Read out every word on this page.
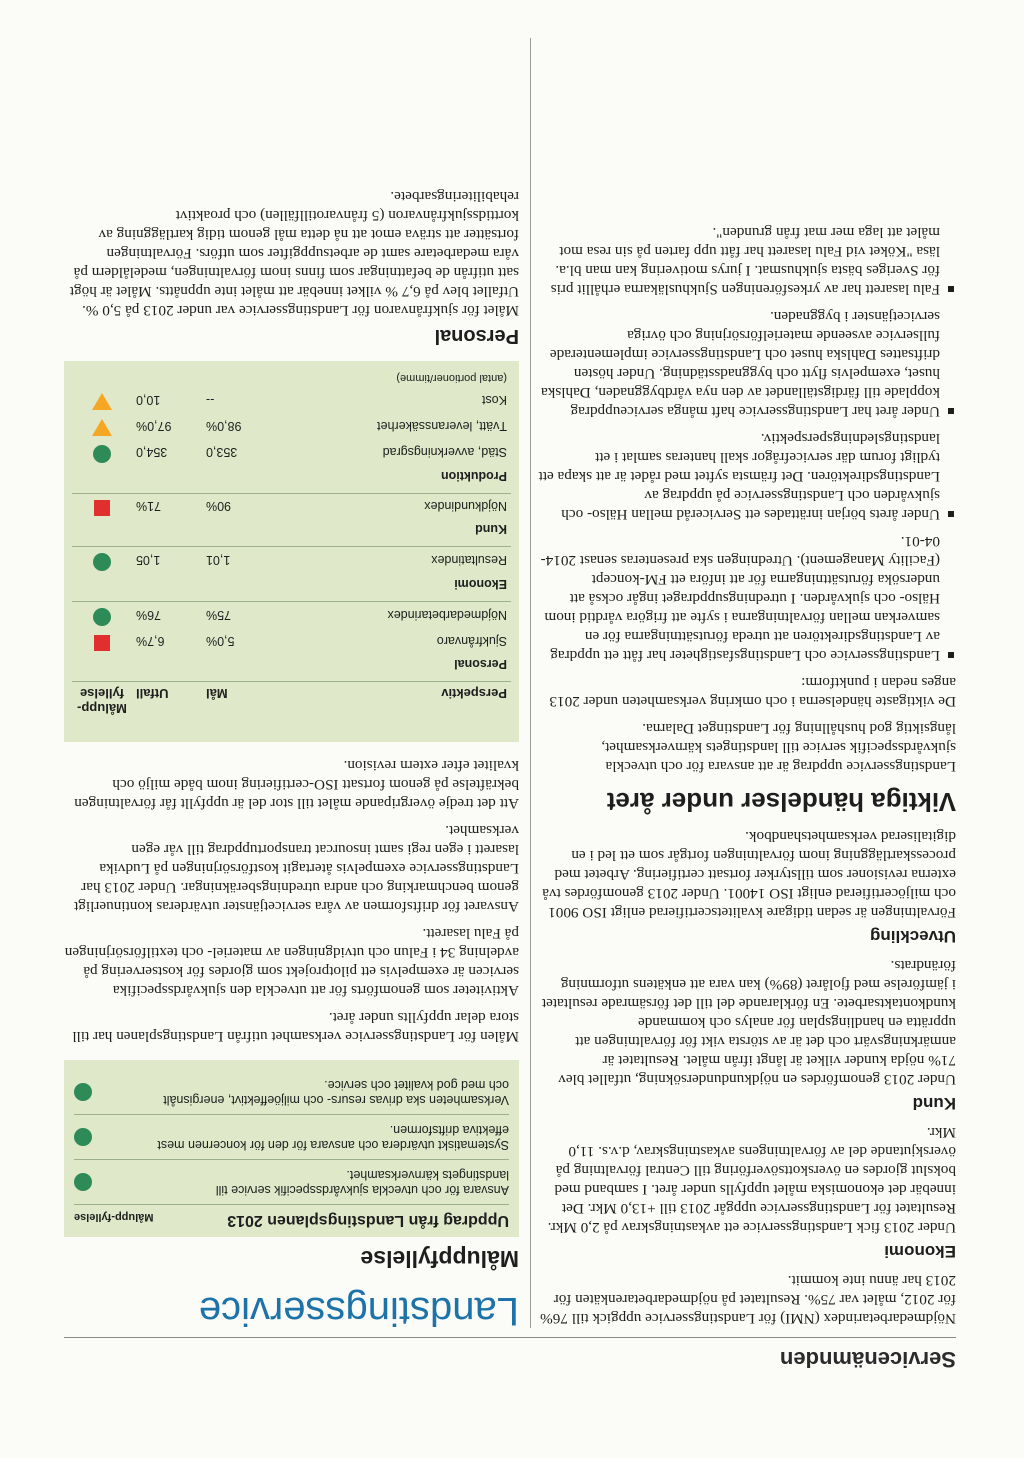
Servicenämnden
Landstingsservice Nöjdmedarbetarindex (NMI) för Landstingsservice uppgick till 76% för 2012, målet var 75%. Resultatet på nöjdmedarbetarenkäten för 2013 har ännu inte kommit.

Ekonomi

Under 2013 fick Landstingsservice ett avkastningskrav på 2,0 Mkr. Resultatet för Landstingsservice uppgår 2013 till +13,0 Mkr. Det innebär det ekonomiska målet uppfylls under året. I samband med bokslut gjordes en överskottsöverföring till Central förvaltning på överskjutande del av förvaltningens avkastningskrav, d.v.s. 11,0 Mkr.

Kund

Under 2013 genomfördes en nöjdkundundersökning, utfallet blev 71% nöjda kunder vilket är långt ifrån målet. Resultatet är anmärkningsvärt och det är av största vikt för förvaltningen att upprätta en handlingsplan för analys och kommande kundkontaktsarbete. En förklarande del till det försämrade resultatet i jämförelse med fjolåret (89%) kan vara att enkätens utformning förändrats.

Utveckling

Förvaltningen är sedan tidigare kvalitetscertifierad enligt ISO 9001 och miljöcertifierad enligt ISO 14001. Under 2013 genomfördes två externa revisioner som tillstyrker fortsatt certifiering. Arbetet med processkartläggning inom förvaltningen fortgår som ett led i en digitaliserad verksamhetshandbok.

Viktiga händelser under året

Landstingsservice uppdrag är att ansvara för och utveckla sjukvårdsspecifik service till landstingets kärnverksamhet, långsiktig god hushållning för Landstinget Dalarna.

De viktigaste händelserna i och omkring verksamheten under 2013 anges nedan i punktform:

Landstingsservice och Landstingsfastigheter har fått ett uppdrag av Landstingsdirektören att utreda förutsättningarna för en samverkan mellan förvaltningarna i syfte att frigöra vårdtid inom Hälso- och sjukvården. I utredningsuppdraget ingår också att undersöka förutsättningarna för att införa ett FM-koncept (Facility Management). Utredningen ska presenteras senast 2014-04-01.
Under årets början inrättades ett Serviceråd mellan Hälso- och sjukvården och Landstingsservice på uppdrag av Landstingsdirektören. Det främsta syftet med rådet är att skapa ett tydligt forum där servicefrågor skall hanteras samlat i ett landstingsledningsperspektiv.
Under året har Landstingsservice haft många serviceuppdrag kopplade till färdigställandet av den nya vårdbyggnaden, Dahlska huset, exempelvis flytt och byggnadsstädning. Under hösten driftsattes Dahlska huset och Landstingsservice implementerade fullservice avseende materielförsörjning och övriga servicetjänster i byggnaden.
Falu lasarett har av yrkesföreningen Sjukhusläkarna erhållit pris för Sveriges bästa sjukhusmat. I jurys motivering kan man bl.a. läsa "Köket vid Falu lasarett har fått upp farten på sin resa mot målet att laga mer mat från grunden".
Måluppfyllelse
Uppdrag från Landstingsplanen 2013
Målupp-fyllelse
Ansvara för och utveckla sjukvårdsspecifik service till landstingets kärnverksamhet.
Systematiskt utvärdera och ansvara för den för koncernen mest effektiva driftsformen.
Verksamheten ska drivas resurs- och miljöeffektivt, energisnålt och med god kvalitet och service.

Målen för Landstingsservice verksamhet utifrån Landstingsplanen har till stora delar uppfyllts under året.

Aktiviteter som genomförts för att utveckla den sjukvårdsspecifika servicen är exempelvis ett pilotprojekt som gjordes för kostservering på avdelning 34 i Falun och utvidgningen av materiel- och textilförsörjningen på Falu lasarett.

Ansvaret för driftsformen av våra servicetjänster utvärderas kontinuerligt genom benchmarking och andra utredningsberäkningar. Under 2013 har Landstingsservice exempelvis återtagit kostförsörjningen på Ludvika lasarett i egen regi samt insourcat transportuppdrag till vår egen verksamhet.

Att det tredje övergripande målet till stor del är uppfyllt får förvaltningen bekräftelse på genom fortsatt ISO-certifiering inom både miljö och kvalitet efter extern revision.

Perspektiv	Mål	Utfall	Målupp-fyllelse
Personal			
Sjukfrånvaro	5,0%	6,7%	
Nöjdmedarbetarindex	75%	76%	
Ekonomi			
Resultatindex	1,01	1,05	
Kund			
Nöjdkundindex	90%	71%	
Produktion			
Städ, avverkningsgrad	353,0	354,0	
Tvätt, leveranssäkerhet	98,0%	97,0%	
Kost	--	10,0	
(antal portioner/timme)			
Personal

Målet för sjukfrånvaron för Landstingsservice var under 2013 på 5,0 %. Utfallet blev på 6,7 % vilket innebär att målet inte uppnåtts. Målet är högt satt utifrån de befattningar som finns inom förvaltningen, medelåldern på våra medarbetare samt de arbetsuppgifter som utförs. Förvaltningen fortsätter att sträva emot att nå detta mål genom tidig kartläggning av korttidssjukfrånvaron (5 frånvarotillfällen) och proaktivt rehabiliteringsarbete.
